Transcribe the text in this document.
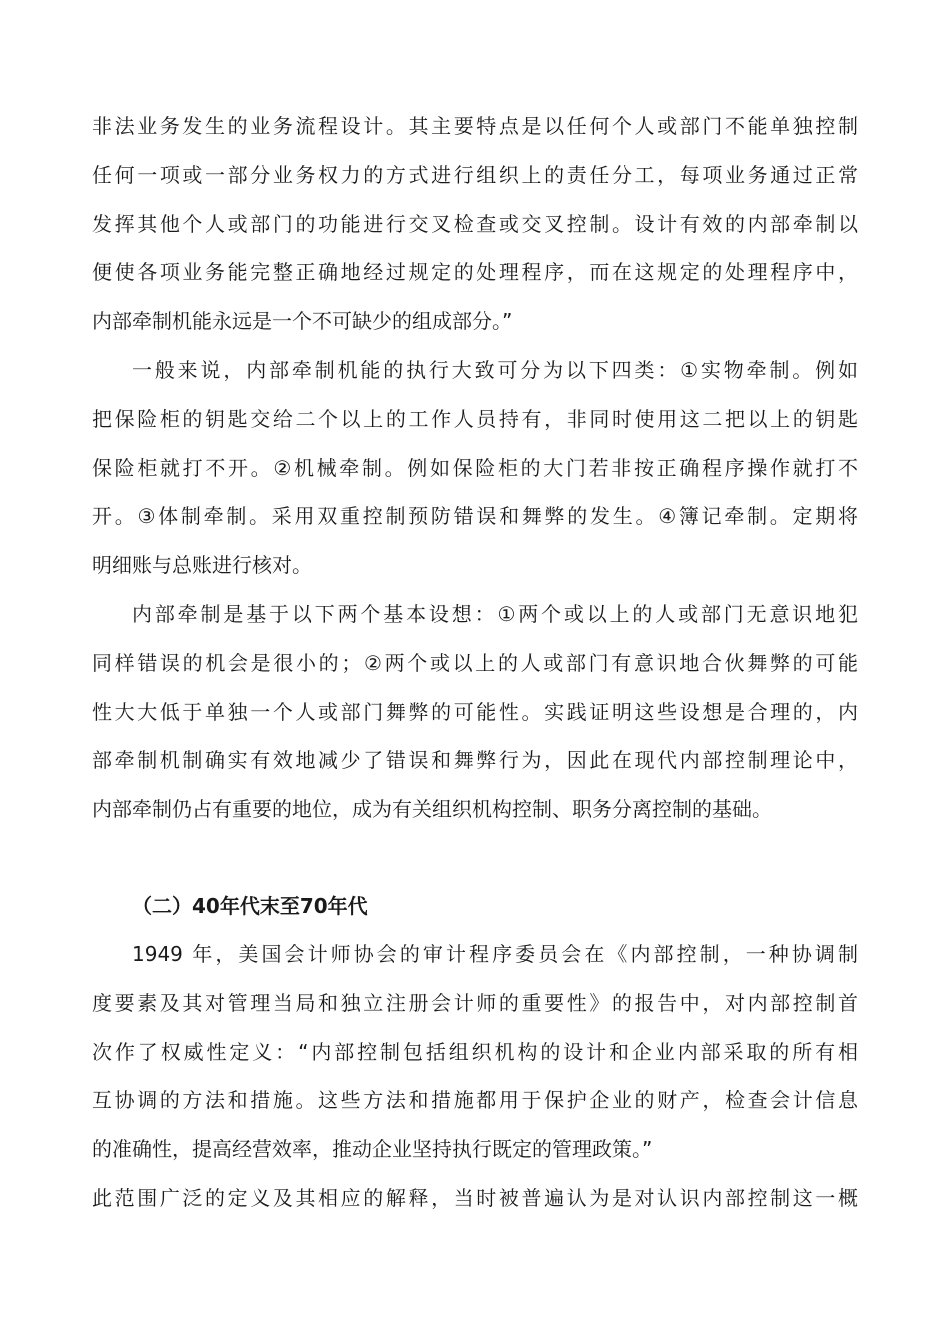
非法业务发生的业务流程设计。其主要特点是以任何个人或部门不能单独控制
任何一项或一部分业务权力的方式进行组织上的责任分工，每项业务通过正常
发挥其他个人或部门的功能进行交叉检查或交叉控制。设计有效的内部牵制以
便使各项业务能完整正确地经过规定的处理程序，而在这规定的处理程序中，
内部牵制机能永远是一个不可缺少的组成部分。”
一般来说，内部牵制机能的执行大致可分为以下四类：①实物牵制。例如
把保险柜的钥匙交给二个以上的工作人员持有，非同时使用这二把以上的钥匙
保险柜就打不开。②机械牵制。例如保险柜的大门若非按正确程序操作就打不
开。③体制牵制。采用双重控制预防错误和舞弊的发生。④簿记牵制。定期将
明细账与总账进行核对。
内部牵制是基于以下两个基本设想：①两个或以上的人或部门无意识地犯
同样错误的机会是很小的；②两个或以上的人或部门有意识地合伙舞弊的可能
性大大低于单独一个人或部门舞弊的可能性。实践证明这些设想是合理的，内
部牵制机制确实有效地减少了错误和舞弊行为，因此在现代内部控制理论中，
内部牵制仍占有重要的地位，成为有关组织机构控制、职务分离控制的基础。
（二）40年代末至70年代
1949 年，美国会计师协会的审计程序委员会在《内部控制，一种协调制
度要素及其对管理当局和独立注册会计师的重要性》的报告中，对内部控制首
次作了权威性定义：“内部控制包括组织机构的设计和企业内部采取的所有相
互协调的方法和措施。这些方法和措施都用于保护企业的财产，检查会计信息
的准确性，提高经营效率，推动企业坚持执行既定的管理政策。”
此范围广泛的定义及其相应的解释，当时被普遍认为是对认识内部控制这一概
